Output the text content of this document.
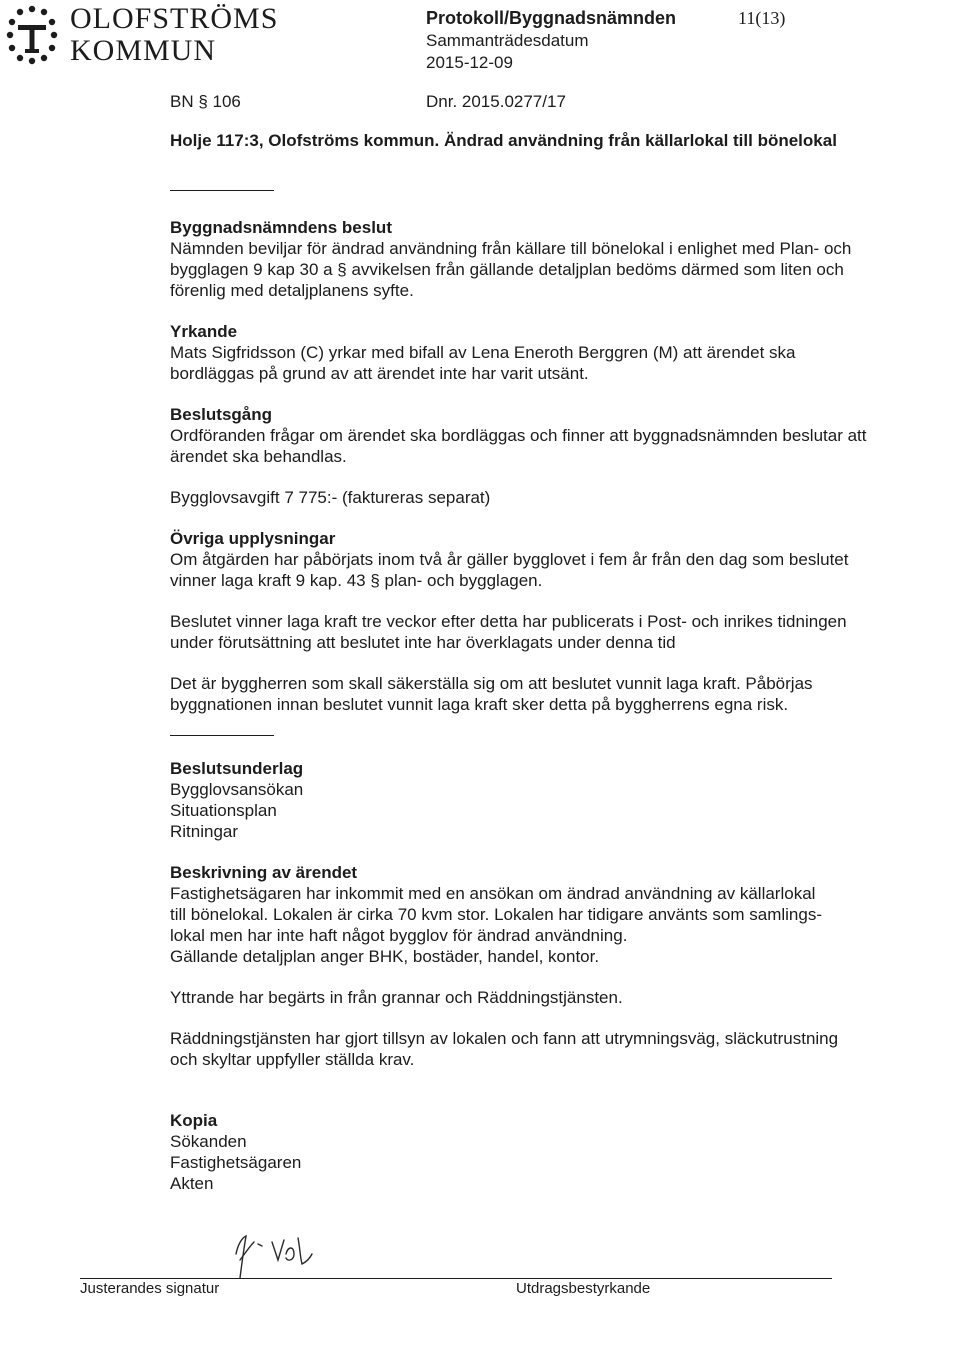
OLOFSTRÖMS
KOMMUN
Protokoll/Byggnadsnämnden
Sammanträdesdatum
2015-12-09
11(13)
BN § 106	Dnr. 2015.0277/17

Holje 117:3, Olofströms kommun. Ändrad användning från källarlokal till bönelokal

Byggnadsnämndens beslut

Nämnden beviljar för ändrad användning från källare till bönelokal i enlighet med Plan- och bygglagen 9 kap 30 a § avvikelsen från gällande detaljplan bedöms därmed som liten och förenlig med detaljplanens syfte.

Yrkande

Mats Sigfridsson (C) yrkar med bifall av Lena Eneroth Berggren (M) att ärendet ska bordläggas på grund av att ärendet inte har varit utsänt.

Beslutsgång

Ordföranden frågar om ärendet ska bordläggas och finner att byggnadsnämnden beslutar att ärendet ska behandlas.

Bygglovsavgift 7 775:- (faktureras separat)

Övriga upplysningar

Om åtgärden har påbörjats inom två år gäller bygglovet i fem år från den dag som beslutet vinner laga kraft 9 kap. 43 § plan- och bygglagen.

Beslutet vinner laga kraft tre veckor efter detta har publicerats i Post- och inrikes tidningen under förutsättning att beslutet inte har överklagats under denna tid

Det är byggherren som skall säkerställa sig om att beslutet vunnit laga kraft. Påbörjas byggnationen innan beslutet vunnit laga kraft sker detta på byggherrens egna risk.

Beslutsunderlag

Bygglovsansökan

Situationsplan

Ritningar

Beskrivning av ärendet

Fastighetsägaren har inkommit med en ansökan om ändrad användning av källarlokal

till bönelokal. Lokalen är cirka 70 kvm stor. Lokalen har tidigare använts som samlings-

lokal men har inte haft något bygglov för ändrad användning.

Gällande detaljplan anger BHK, bostäder, handel, kontor.

Yttrande har begärts in från grannar och Räddningstjänsten.

Räddningstjänsten har gjort tillsyn av lokalen och fann att utrymningsväg, släckutrustning och skyltar uppfyller ställda krav.

Kopia

Sökanden

Fastighetsägaren

Akten

Justerandes signatur	Utdragsbestyrkande
